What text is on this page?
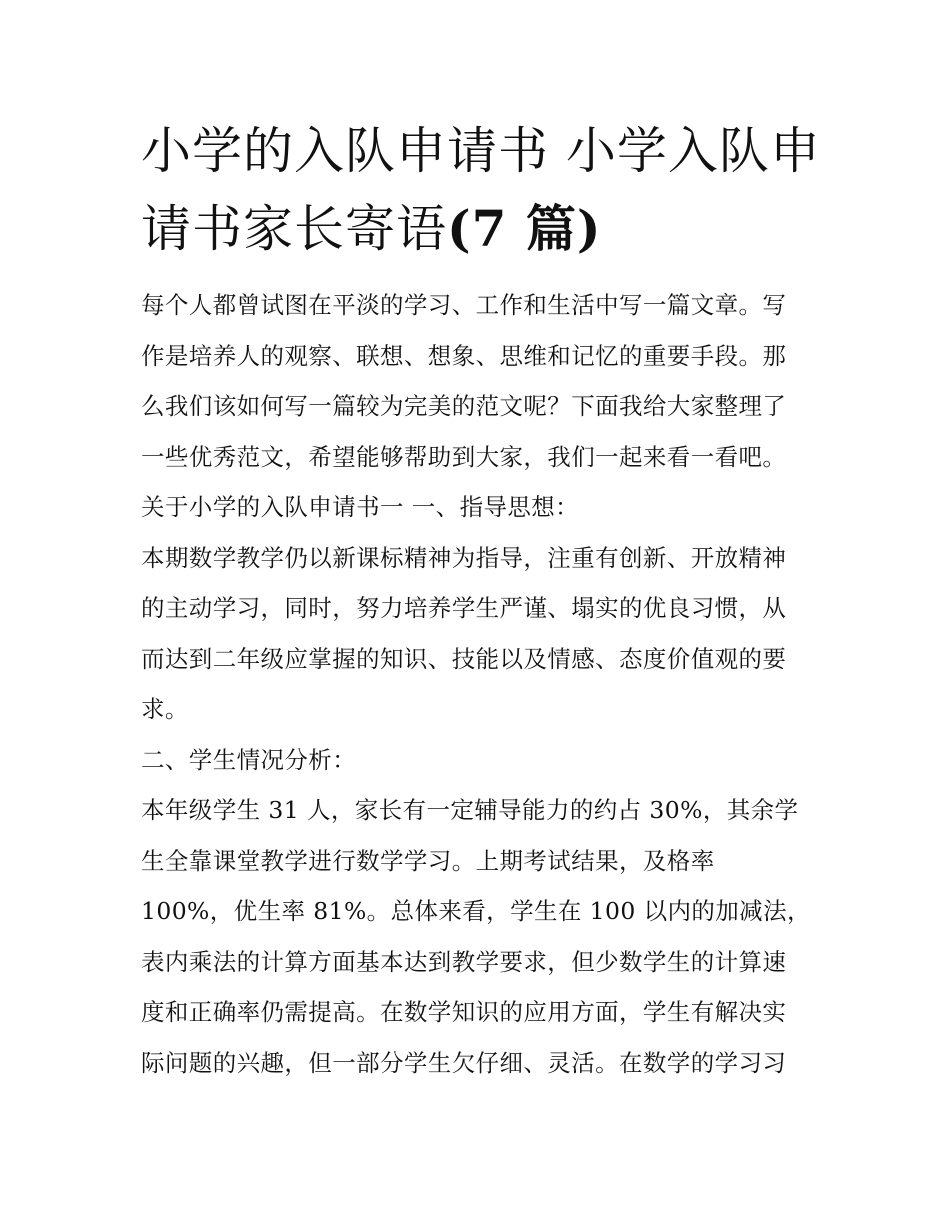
小学的入队申请书 小学入队申
请书家长寄语(7 篇)
每个人都曾试图在平淡的学习、工作和生活中写一篇文章。写
作是培养人的观察、联想、想象、思维和记忆的重要手段。那
么我们该如何写一篇较为完美的范文呢？下面我给大家整理了
一些优秀范文，希望能够帮助到大家，我们一起来看一看吧。
关于小学的入队申请书一 一、指导思想：
本期数学教学仍以新课标精神为指导，注重有创新、开放精神
的主动学习，同时，努力培养学生严谨、塌实的优良习惯，从
而达到二年级应掌握的知识、技能以及情感、态度价值观的要
求。
二、学生情况分析：
本年级学生 31 人，家长有一定辅导能力的约占 30%，其余学
生全靠课堂教学进行数学学习。上期考试结果，及格率
100%，优生率 81%。总体来看，学生在 100 以内的加减法，
表内乘法的计算方面基本达到教学要求，但少数学生的计算速
度和正确率仍需提高。在数学知识的应用方面，学生有解决实
际问题的兴趣，但一部分学生欠仔细、灵活。在数学的学习习
